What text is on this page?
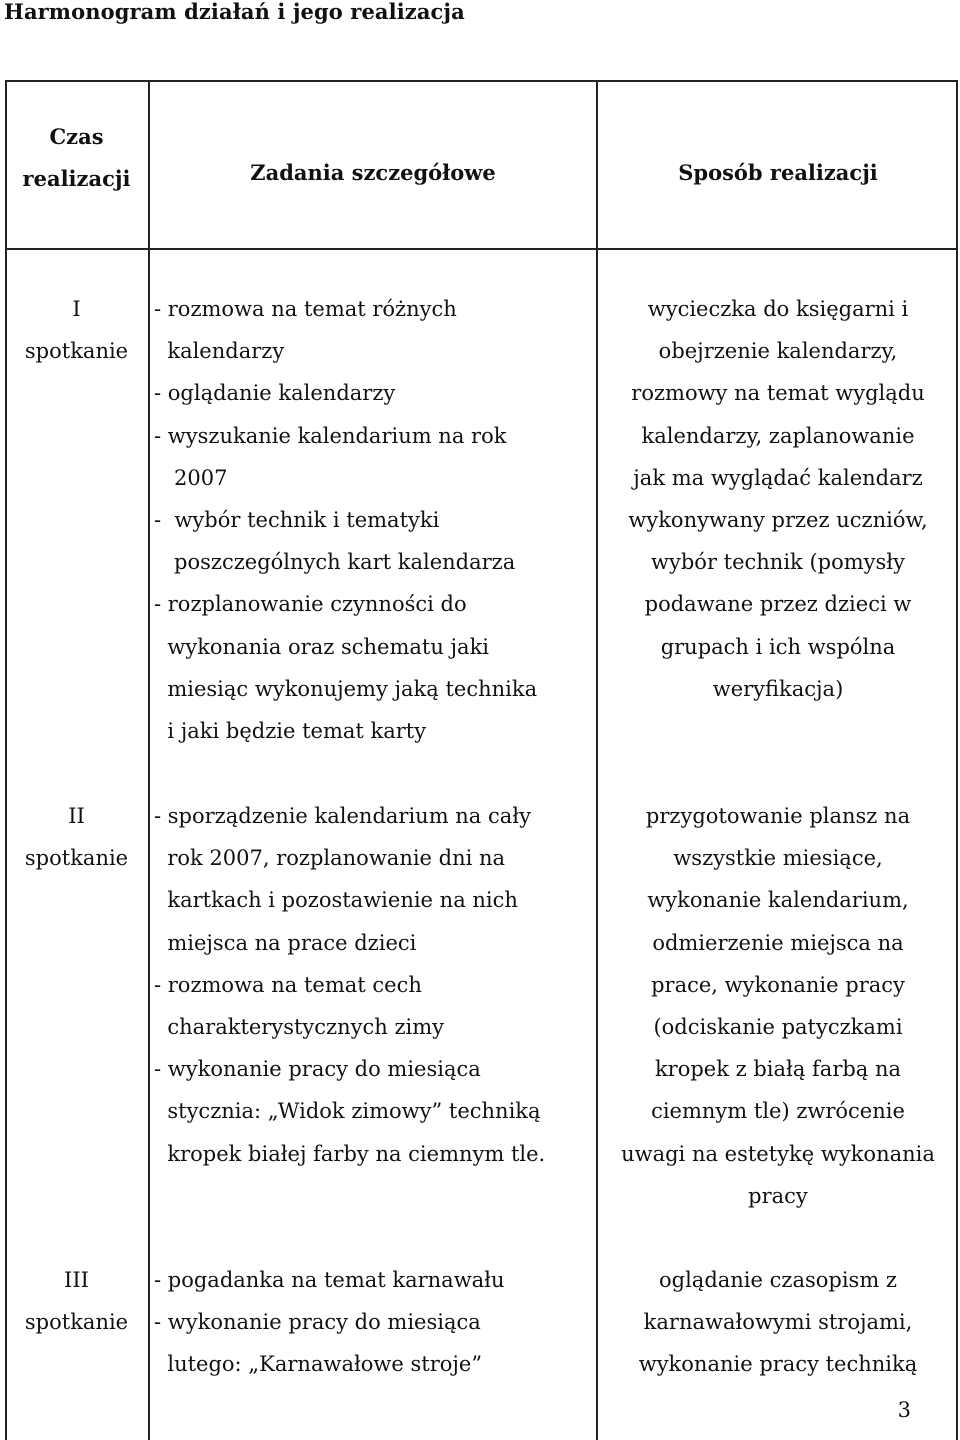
Harmonogram działań i jego realizacja
Czas
realizacji	Zadania szczegółowe	Sposób realizacji
I
spotkanie
- rozmowa na temat różnych
kalendarzy
- oglądanie kalendarzy
- wyszukanie kalendarium na rok
2007
-  wybór technik i tematyki
poszczególnych kart kalendarza
- rozplanowanie czynności do
wykonania oraz schematu jaki
miesiąc wykonujemy jaką technika
i jaki będzie temat karty
wycieczka do księgarni i
obejrzenie kalendarzy,
rozmowy na temat wyglądu
kalendarzy, zaplanowanie
jak ma wyglądać kalendarz
wykonywany przez uczniów,
wybór technik (pomysły
podawane przez dzieci w
grupach i ich wspólna
weryfikacja)
II
spotkanie
- sporządzenie kalendarium na cały
rok 2007, rozplanowanie dni na
kartkach i pozostawienie na nich
miejsca na prace dzieci
- rozmowa na temat cech
charakterystycznych zimy
- wykonanie pracy do miesiąca
stycznia: „Widok zimowy” techniką
kropek białej farby na ciemnym tle.
przygotowanie plansz na
wszystkie miesiące,
wykonanie kalendarium,
odmierzenie miejsca na
prace, wykonanie pracy
(odciskanie patyczkami
kropek z białą farbą na
ciemnym tle) zwrócenie
uwagi na estetykę wykonania
pracy
III
spotkanie
- pogadanka na temat karnawału
- wykonanie pracy do miesiąca
lutego: „Karnawałowe stroje”
oglądanie czasopism z
karnawałowymi strojami,
wykonanie pracy techniką
3
